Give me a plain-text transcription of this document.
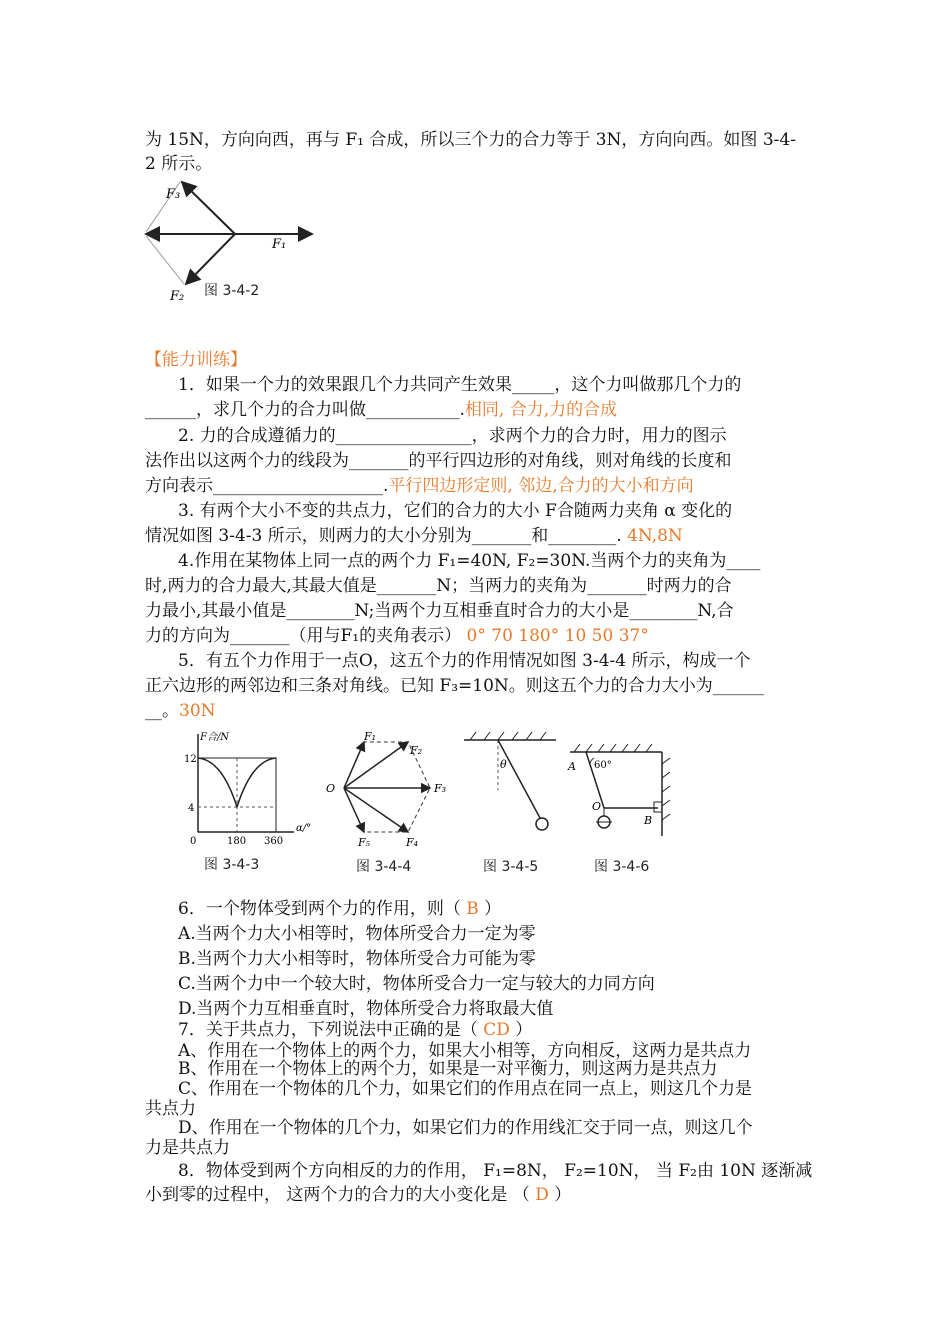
为 15N，方向向西，再与 F₁ 合成，所以三个力的合力等于 3N，方向向西。如图 3-4-
2 所示。
F₃
F₁
F₂ 图 3-4-2
【能力训练】
1．如果一个力的效果跟几个力共同产生效果_____，这个力叫做那几个力的
______，求几个力的合力叫做___________.相同, 合力,力的合成
2. 力的合成遵循力的________________，求两个力的合力时，用力的图示
法作出以这两个力的线段为_______的平行四边形的对角线，则对角线的长度和
方向表示____________________.平行四边形定则, 邻边,合力的大小和方向
3. 有两个大小不变的共点力，它们的合力的大小 F合随两力夹角 α 变化的
情况如图 3-4-3 所示，则两力的大小分别为_______和________. 4N,8N
4.作用在某物体上同一点的两个力 F₁=40N, F₂=30N.当两个力的夹角为____
时,两力的合力最大,其最大值是_______N；当两力的夹角为_______时两力的合
力最小,其最小值是________N;当两个力互相垂直时合力的大小是________N,合
力的方向为_______（用与F₁的夹角表示） 0° 70 180° 10 50 37°
5．有五个力作用于一点O，这五个力的作用情况如图 3-4-4 所示，构成一个
正六边形的两邻边和三条对角线。已知 F₃=10N。则这五个力的合力大小为______
__。30N
F合/N
α/°
12
4
0	180 360
O
F₁
F₂
F₃
F₄
F₅
θ	A 60°
O
B
图 3-4-3	图 3-4-4	图 3-4-5	图 3-4-6
6．一个物体受到两个力的作用，则（ B ）
A.当两个力大小相等时，物体所受合力一定为零
B.当两个力大小相等时，物体所受合力可能为零
C.当两个力中一个较大时，物体所受合力一定与较大的力同方向
D.当两个力互相垂直时，物体所受合力将取最大值
7．关于共点力，下列说法中正确的是（ CD ）
A、作用在一个物体上的两个力，如果大小相等，方向相反，这两力是共点力
B、作用在一个物体上的两个力，如果是一对平衡力，则这两力是共点力
C、作用在一个物体的几个力，如果它们的作用点在同一点上，则这几个力是
共点力
D、作用在一个物体的几个力，如果它们力的作用线汇交于同一点，则这几个
力是共点力
8．物体受到两个方向相反的力的作用， F₁=8N， F₂=10N， 当 F₂由 10N 逐渐减
小到零的过程中， 这两个力的合力的大小变化是 （ D ）
